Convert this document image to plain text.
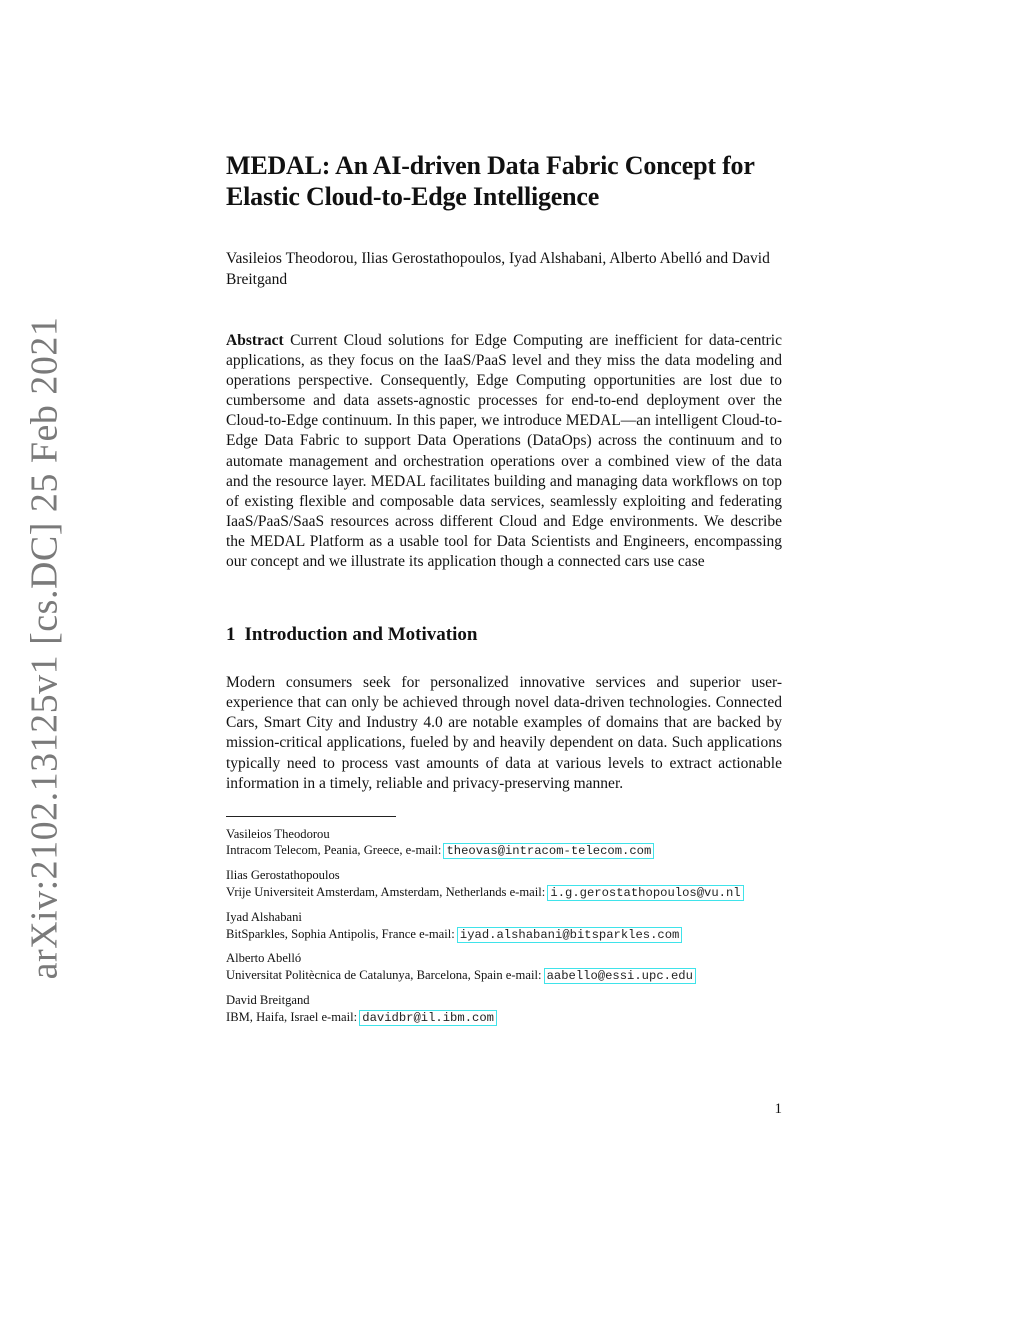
arXiv:2102.13125v1 [cs.DC] 25 Feb 2021
MEDAL: An AI-driven Data Fabric Concept for Elastic Cloud-to-Edge Intelligence
Vasileios Theodorou, Ilias Gerostathopoulos, Iyad Alshabani, Alberto Abelló and David Breitgand
Abstract Current Cloud solutions for Edge Computing are inefficient for data-centric applications, as they focus on the IaaS/PaaS level and they miss the data modeling and operations perspective. Consequently, Edge Computing opportunities are lost due to cumbersome and data assets-agnostic processes for end-to-end deployment over the Cloud-to-Edge continuum. In this paper, we introduce MEDAL—an intelligent Cloud-to-Edge Data Fabric to support Data Operations (DataOps) across the continuum and to automate management and orchestration operations over a combined view of the data and the resource layer. MEDAL facilitates building and managing data workflows on top of existing flexible and composable data services, seamlessly exploiting and federating IaaS/PaaS/SaaS resources across different Cloud and Edge environments. We describe the MEDAL Platform as a usable tool for Data Scientists and Engineers, encompassing our concept and we illustrate its application though a connected cars use case
1 Introduction and Motivation

Modern consumers seek for personalized innovative services and superior user-experience that can only be achieved through novel data-driven technologies. Connected Cars, Smart City and Industry 4.0 are notable examples of domains that are backed by mission-critical applications, fueled by and heavily dependent on data. Such applications typically need to process vast amounts of data at various levels to extract actionable information in a timely, reliable and privacy-preserving manner.

Vasileios Theodorou
Intracom Telecom, Peania, Greece, e-mail: theovas@intracom-telecom.com
Ilias Gerostathopoulos
Vrije Universiteit Amsterdam, Amsterdam, Netherlands e-mail: i.g.gerostathopoulos@vu.nl
Iyad Alshabani
BitSparkles, Sophia Antipolis, France e-mail: iyad.alshabani@bitsparkles.com
Alberto Abelló
Universitat Politècnica de Catalunya, Barcelona, Spain e-mail: aabello@essi.upc.edu
David Breitgand
IBM, Haifa, Israel e-mail: davidbr@il.ibm.com
1
